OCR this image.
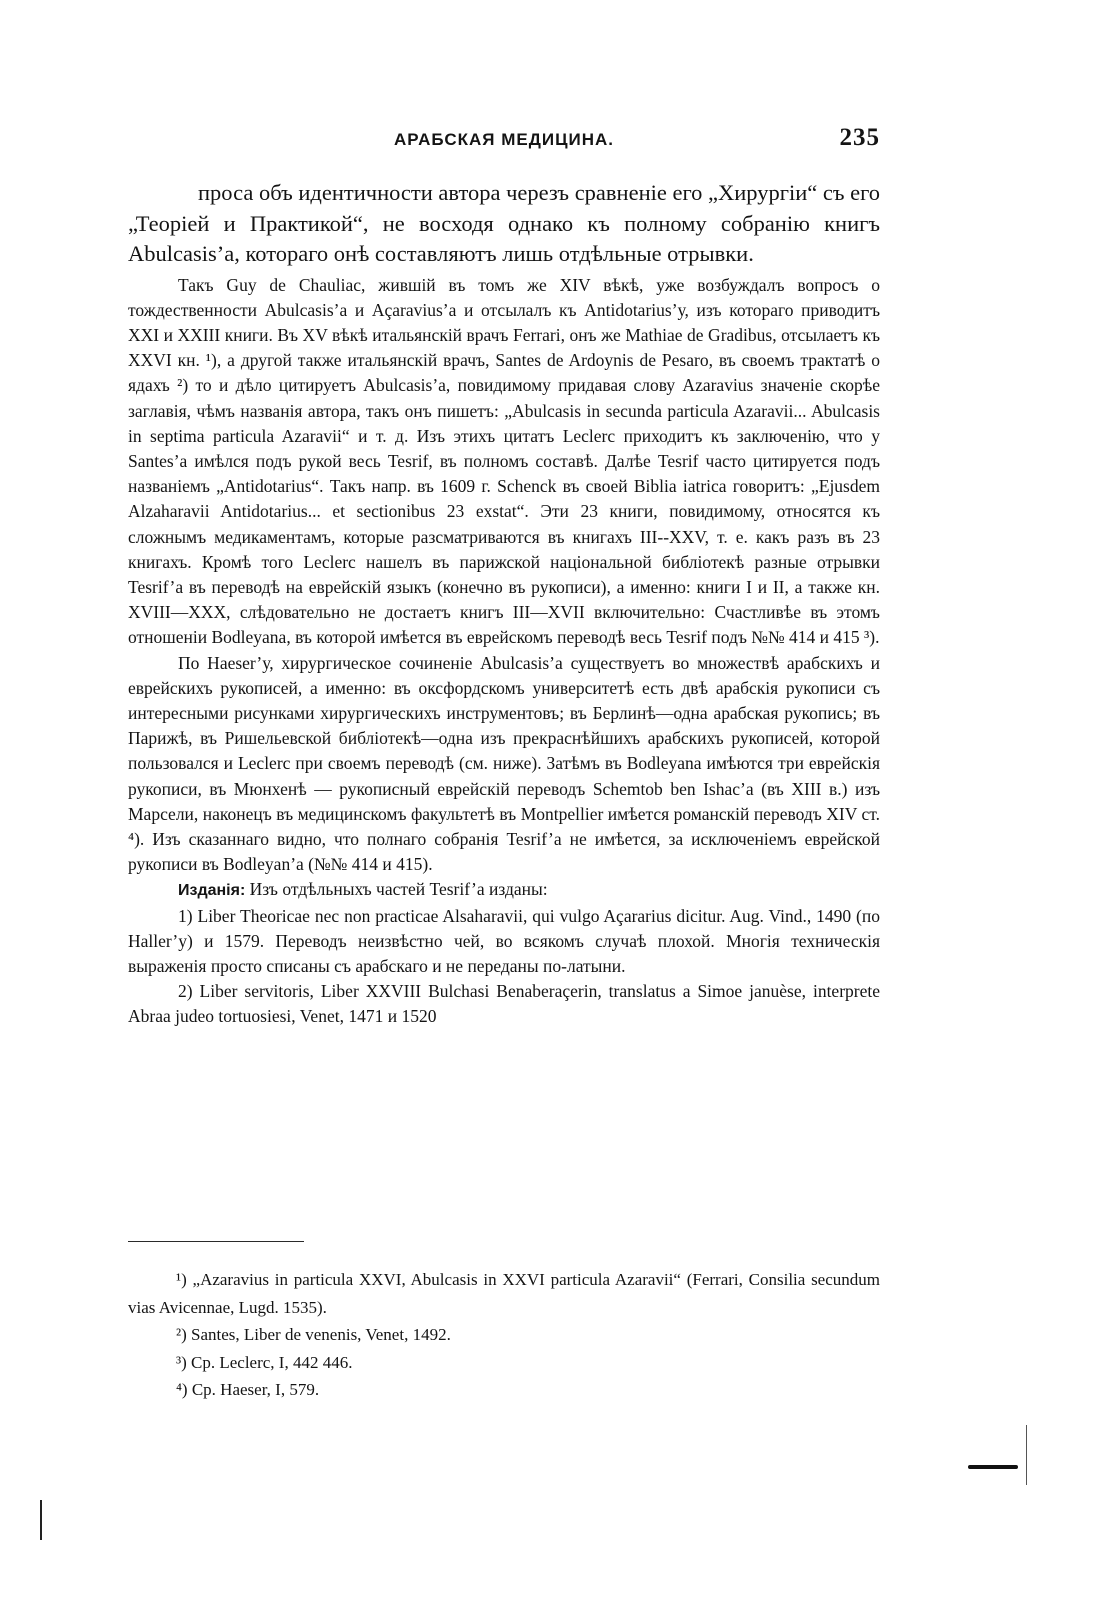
АРАБСКАЯ МЕДИЦИНА.	235

проса объ идентичности автора черезъ сравненіе его „Хирургіи“ съ его „Теоріей и Практикой“, не восходя однако къ полному собранію книгъ Abulcasis’а, котораго онѣ составляютъ лишь отдѣльные отрывки.

Такъ Guy de Chauliac, жившій въ томъ же XIV вѣкѣ, уже возбуждалъ вопросъ о тождественности Abulcasis’а и Açaravius’а и отсылалъ къ Antidotarius’у, изъ котораго приводитъ XXI и XXIII книги. Въ XV вѣкѣ итальянскій врачъ Ferrari, онъ же Mathiae de Gradibus, отсылаетъ къ XXVI кн. ¹), а другой также итальянскій врачъ, Santes de Ardoynis de Pesaro, въ своемъ трактатѣ о ядахъ ²) то и дѣло цитируетъ Abulcasis’а, повидимому придавая слову Azaravius значеніе скорѣе заглавія, чѣмъ названія автора, такъ онъ пишетъ: „Abulcasis in secunda particula Azaravii... Abulcasis in septima particula Azaravii“ и т. д. Изъ этихъ цитатъ Leclerc приходитъ къ заключенію, что у Santes’а имѣлся подъ рукой весь Tesrif, въ полномъ составѣ. Далѣе Tesrif часто цитируется подъ названіемъ „Antidotarius“. Такъ напр. въ 1609 г. Schenck въ своей Biblia iatrica говоритъ: „Ejusdem Alzaharavii Antidotarius... et sectionibus 23 exstat“. Эти 23 книги, повидимому, относятся къ сложнымъ медикаментамъ, которые разсматриваются въ книгахъ III--XXV, т. е. какъ разъ въ 23 книгахъ. Кромѣ того Leclerc нашелъ въ парижской національной библіотекѣ разные отрывки Tesrif’а въ переводѣ на еврейскій языкъ (конечно въ рукописи), а именно: книги I и II, а также кн. XVIII—XXX, слѣдовательно не достаетъ книгъ III—XVII включительно: Счастливѣе въ этомъ отношеніи Bodleyana, въ которой имѣется въ еврейскомъ переводѣ весь Tesrif подъ №№ 414 и 415 ³).

По Haeser’у, хирургическое сочиненіе Abulcasis’а существуетъ во множествѣ арабскихъ и еврейскихъ рукописей, а именно: въ оксфордскомъ университетѣ есть двѣ арабскія рукописи съ интересными рисунками хирургическихъ инструментовъ; въ Берлинѣ—одна арабская рукопись; въ Парижѣ, въ Ришельевской библіотекѣ—одна изъ прекраснѣйшихъ арабскихъ рукописей, которой пользовался и Leclerc при своемъ переводѣ (см. ниже). Затѣмъ въ Bodleyana имѣются три еврейскія рукописи, въ Мюнхенѣ — рукописный еврейскій переводъ Schemtob ben Ishac’а (въ XIII в.) изъ Марсели, наконецъ въ медицинскомъ факультетѣ въ Montpellier имѣется романскій переводъ XIV ст. ⁴). Изъ сказаннаго видно, что полнаго собранія Tesrif’а не имѣется, за исключеніемъ еврейской рукописи въ Bodleyan’а (№№ 414 и 415).

Изданія: Изъ отдѣльныхъ частей Tesrif’а изданы:

1) Liber Theoricae nec non practicae Alsaharavii, qui vulgo Açararius dicitur. Aug. Vind., 1490 (по Haller’у) и 1579. Переводъ неизвѣстно чей, во всякомъ случаѣ плохой. Многія техническія выраженія просто списаны съ арабскаго и не переданы по-латыни.

2) Liber servitoris, Liber XXVIII Bulchasi Benaberaçerin, translatus a Simoe januèse, interprete Abraa judeo tortuosiesi, Venet, 1471 и 1520

¹) „Azaravius in particula XXVI, Abulcasis in XXVI particula Azaravii“ (Ferrari, Consilia secundum vias Avicennae, Lugd. 1535).

²) Santes, Liber de venenis, Venet, 1492.

³) Cp. Leclerc, I, 442 446.

⁴) Cp. Haeser, I, 579.
